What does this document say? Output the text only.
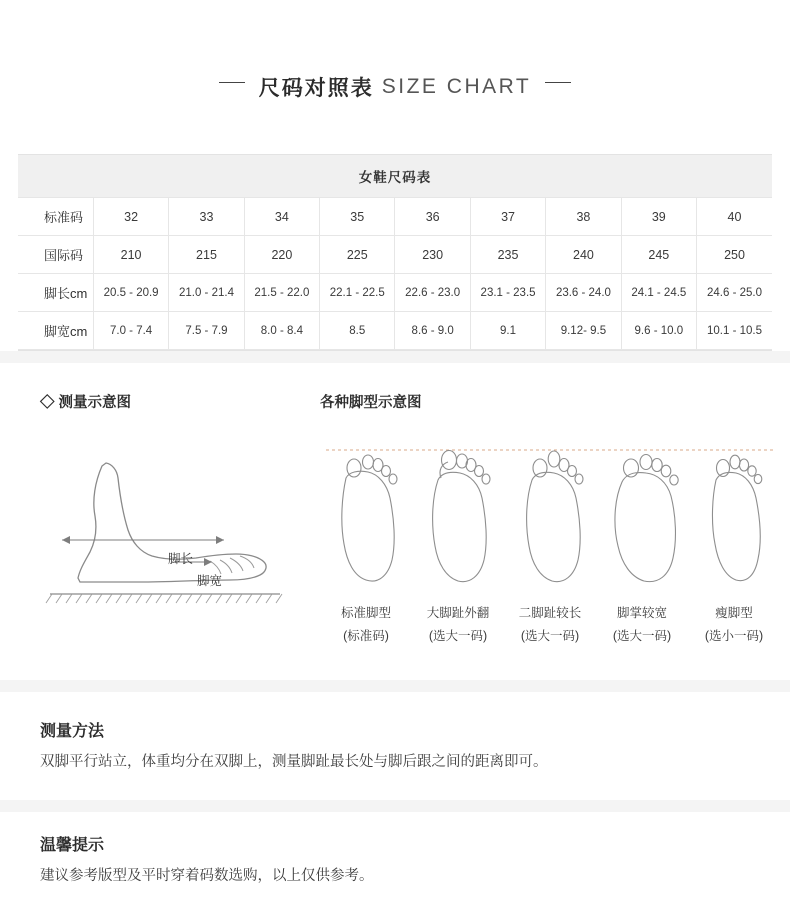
尺码对照表 SIZE CHART
女鞋尺码表									
标准码	32	33	34	35	36	37	38	39	40
国际码	210	215	220	225	230	235	240	245	250
脚长cm	20.5 - 20.9	21.0 - 21.4	21.5 - 22.0	22.1 - 22.5	22.6 - 23.0	23.1 - 23.5	23.6 - 24.0	24.1 - 24.5	24.6 - 25.0
脚宽cm	7.0 - 7.4	7.5 - 7.9	8.0 - 8.4	8.5	8.6 - 9.0	9.1	9.12- 9.5	9.6 - 10.0	10.1 - 10.5
◇ 测量示意图
脚长
脚宽
各种脚型示意图
标准脚型
(标准码)
大脚趾外翻
(选大一码)
二脚趾较长
(选大一码)
脚掌较宽
(选大一码)
瘦脚型
(选小一码)
测量方法
双脚平行站立，体重均分在双脚上，测量脚趾最长处与脚后跟之间的距离即可。
温馨提示
建议参考版型及平时穿着码数选购，以上仅供参考。
